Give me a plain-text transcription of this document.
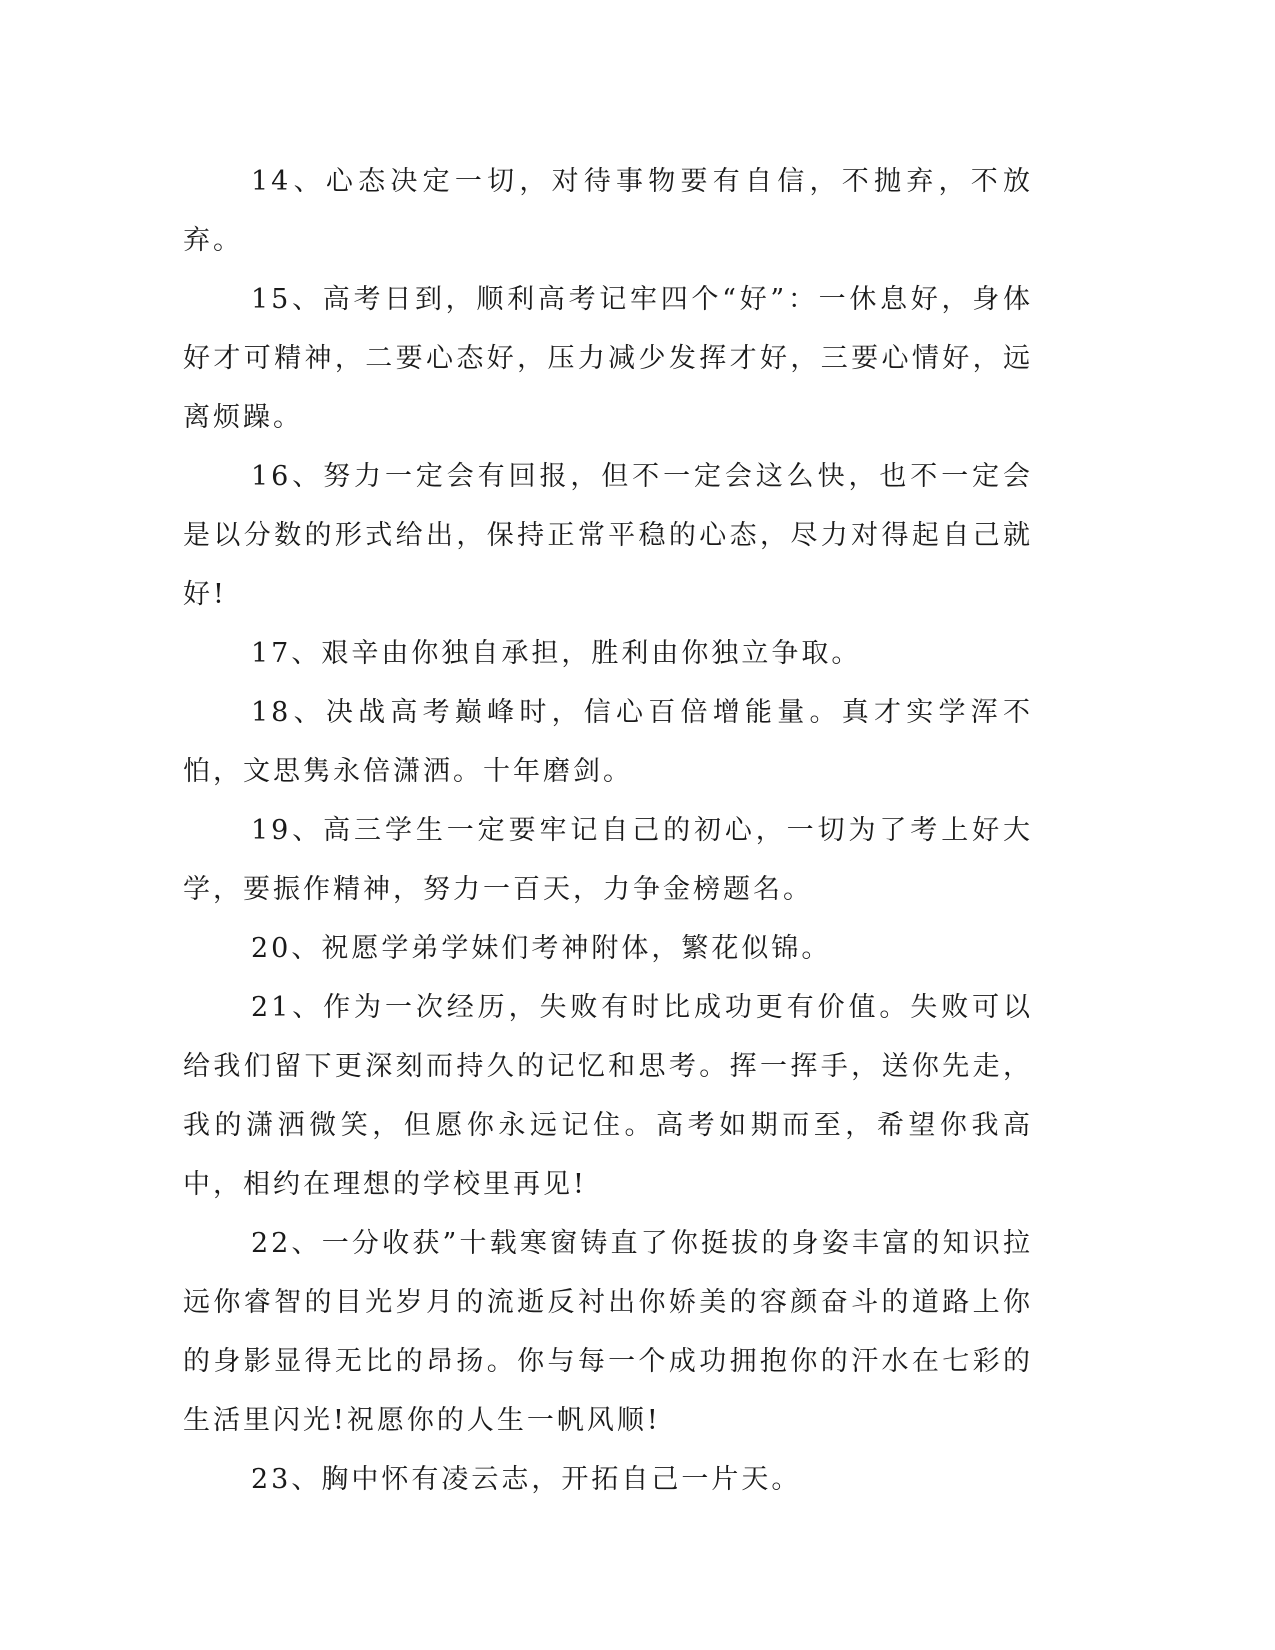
14、心态决定一切，对待事物要有自信，不抛弃，不放弃。

15、高考日到，顺利高考记牢四个“好”：一休息好，身体好才可精神，二要心态好，压力减少发挥才好，三要心情好，远离烦躁。

16、努力一定会有回报，但不一定会这么快，也不一定会是以分数的形式给出，保持正常平稳的心态，尽力对得起自己就好!

17、艰辛由你独自承担，胜利由你独立争取。

18、决战高考巅峰时，信心百倍增能量。真才实学浑不怕，文思隽永倍潇洒。十年磨剑。

19、高三学生一定要牢记自己的初心，一切为了考上好大学，要振作精神，努力一百天，力争金榜题名。

20、祝愿学弟学妹们考神附体，繁花似锦。

21、作为一次经历，失败有时比成功更有价值。失败可以给我们留下更深刻而持久的记忆和思考。挥一挥手，送你先走，我的潇洒微笑，但愿你永远记住。高考如期而至，希望你我高中，相约在理想的学校里再见!

22、一分收获”十载寒窗铸直了你挺拔的身姿丰富的知识拉远你睿智的目光岁月的流逝反衬出你娇美的容颜奋斗的道路上你的身影显得无比的昂扬。你与每一个成功拥抱你的汗水在七彩的生活里闪光!祝愿你的人生一帆风顺!

23、胸中怀有凌云志，开拓自己一片天。
